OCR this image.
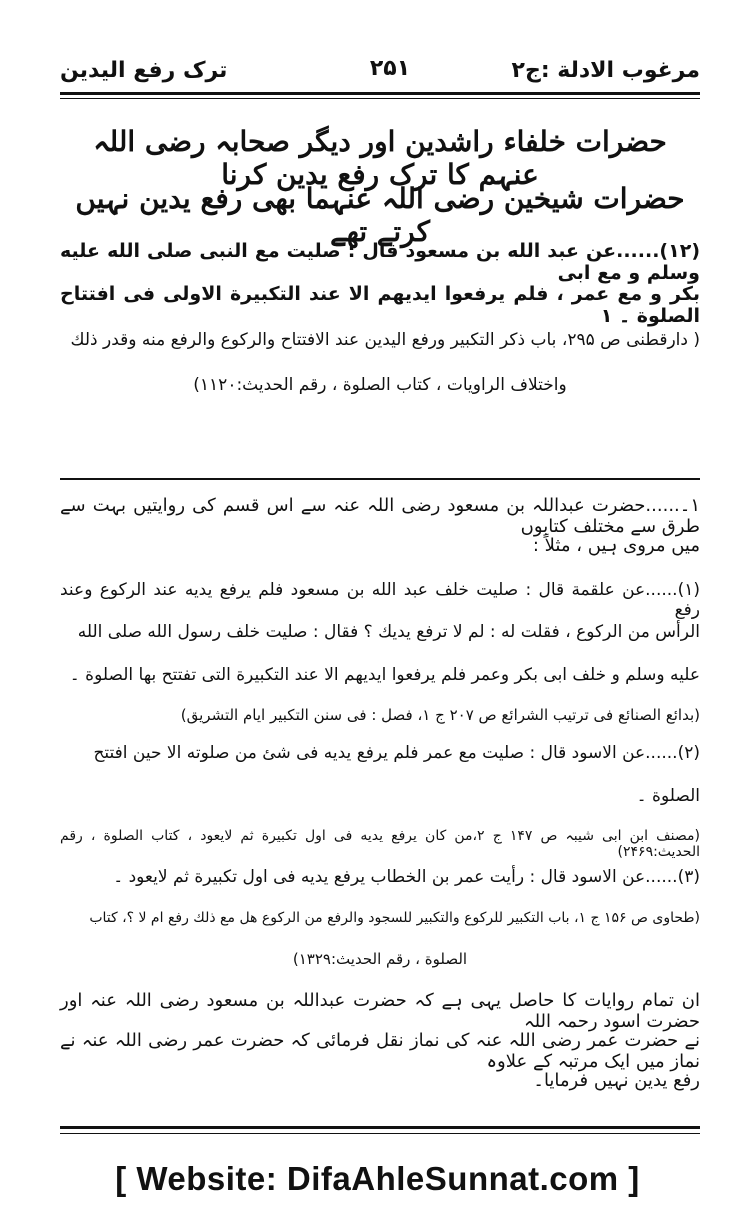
مرغوب الادلة :ج۲
۲۵۱
ترک رفع الیدین
حضرات خلفاء راشدین اور دیگر صحابہ رضی اللہ عنہم کا ترک رفع یدین کرنا
حضرات شیخین رضی اللہ عنہما بھی رفع یدین نہیں کرتے تھے
(۱۲)......عن عبد الله بن مسعود قال : صليت مع النبى صلى الله عليه وسلم و مع ابى
بكر و مع عمر ، فلم يرفعوا ايديهم الا عند التكبيرة الاولى فى افتتاح الصلوة ۔ ۱
( دارقطنی ص ۲۹۵، باب ذکر التکبير ورفع اليدين عند الافتتاح والركوع والرفع منه وقدر ذلك
واختلاف الراويات ، كتاب الصلوة ، رقم الحديث:۱۱۲۰)
۱۔......حضرت عبداللہ بن مسعود رضی اللہ عنہ سے اس قسم کی روایتیں بہت سے طرق سے مختلف کتابوں
میں مروی ہیں ، مثلاً :
(۱)......عن علقمة قال : صليت خلف عبد الله بن مسعود فلم يرفع يديه عند الركوع وعند رفع
الرأس من الركوع ، فقلت له : لم لا ترفع يديك ؟ فقال : صليت خلف رسول الله صلى الله
عليه وسلم و خلف ابى بكر وعمر فلم يرفعوا ايديهم الا عند التكبيرة التى تفتتح بها الصلوة ۔
(بدائع الصنائع فى ترتيب الشرائع ص ۲۰۷ ج ۱، فصل : فى سنن التكبير ايام التشريق)
(۲)......عن الاسود قال : صليت مع عمر فلم يرفع يديه فى شئ من صلوته الا حين افتتح
الصلوة ۔
(مصنف ابن ابی شیبہ ص ۱۴۷ ج ۲،من كان يرفع يديه فى اول تكبيرة ثم لايعود ، كتاب الصلوة ، رقم الحديث:۲۴۶۹)
(۳)......عن الاسود قال : رأيت عمر بن الخطاب يرفع يديه فى اول تكبيرة ثم لايعود ۔
(طحاوی ص ۱۵۶ ج ۱، باب التكبير للركوع والتكبير للسجود والرفع من الركوع هل مع ذلك رفع ام لا ؟، كتاب
الصلوة ، رقم الحديث:۱۳۲۹)
ان تمام روایات کا حاصل یہی ہے کہ حضرت عبداللہ بن مسعود رضی اللہ عنہ اور حضرت اسود رحمہ اللہ
نے حضرت عمر رضی اللہ عنہ کی نماز نقل فرمائی کہ حضرت عمر رضی اللہ عنہ نے نماز میں ایک مرتبہ کے علاوہ
رفع یدین نہیں فرمایا۔
[ Website: DifaAhleSunnat.com ]
